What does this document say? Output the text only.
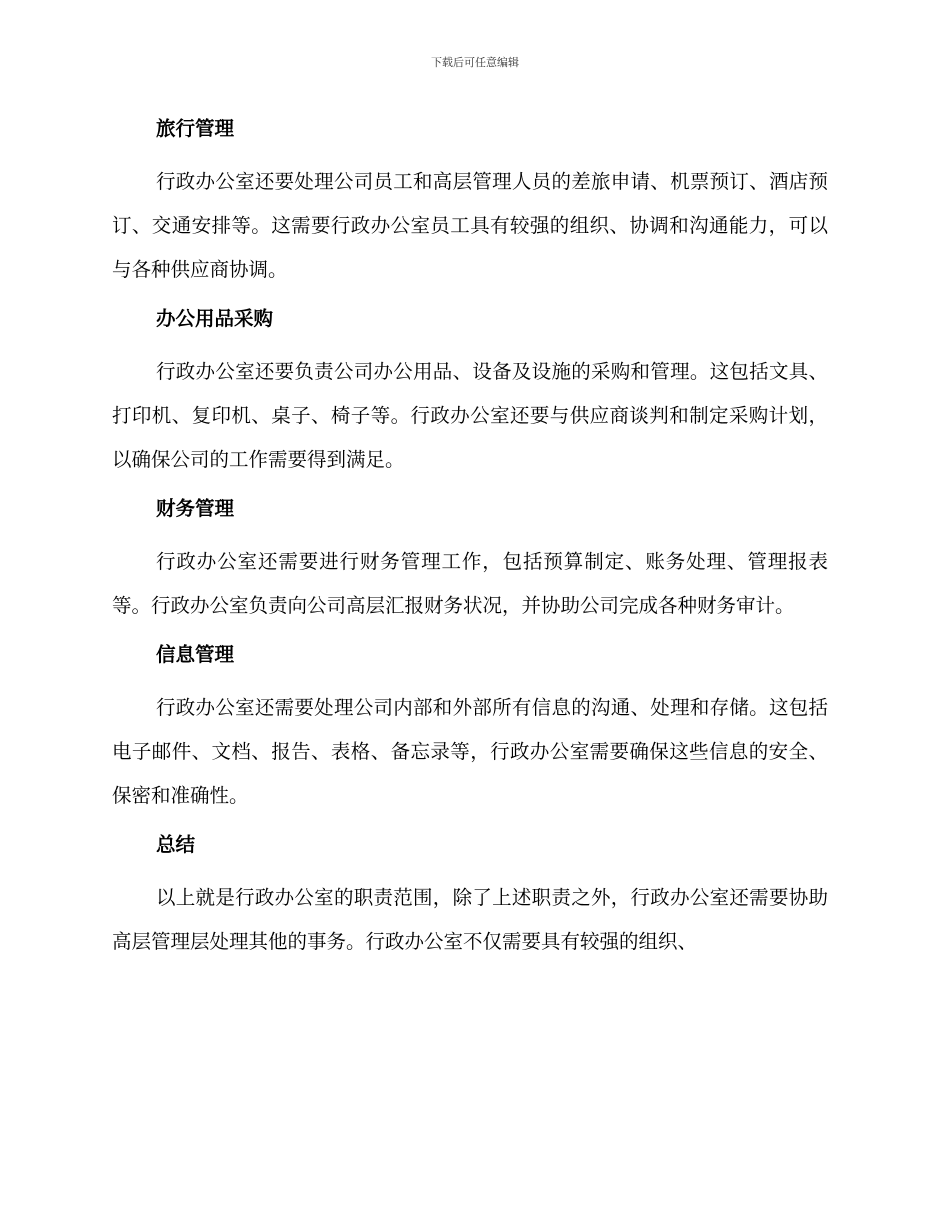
下载后可任意编辑
旅行管理

行政办公室还要处理公司员工和高层管理人员的差旅申请、机票预订、酒店预订、交通安排等。这需要行政办公室员工具有较强的组织、协调和沟通能力，可以与各种供应商协调。

办公用品采购

行政办公室还要负责公司办公用品、设备及设施的采购和管理。这包括文具、打印机、复印机、桌子、椅子等。行政办公室还要与供应商谈判和制定采购计划，以确保公司的工作需要得到满足。

财务管理

行政办公室还需要进行财务管理工作，包括预算制定、账务处理、管理报表等。行政办公室负责向公司高层汇报财务状况，并协助公司完成各种财务审计。

信息管理

行政办公室还需要处理公司内部和外部所有信息的沟通、处理和存储。这包括电子邮件、文档、报告、表格、备忘录等，行政办公室需要确保这些信息的安全、保密和准确性。

总结

以上就是行政办公室的职责范围，除了上述职责之外，行政办公室还需要协助高层管理层处理其他的事务。行政办公室不仅需要具有较强的组织、
